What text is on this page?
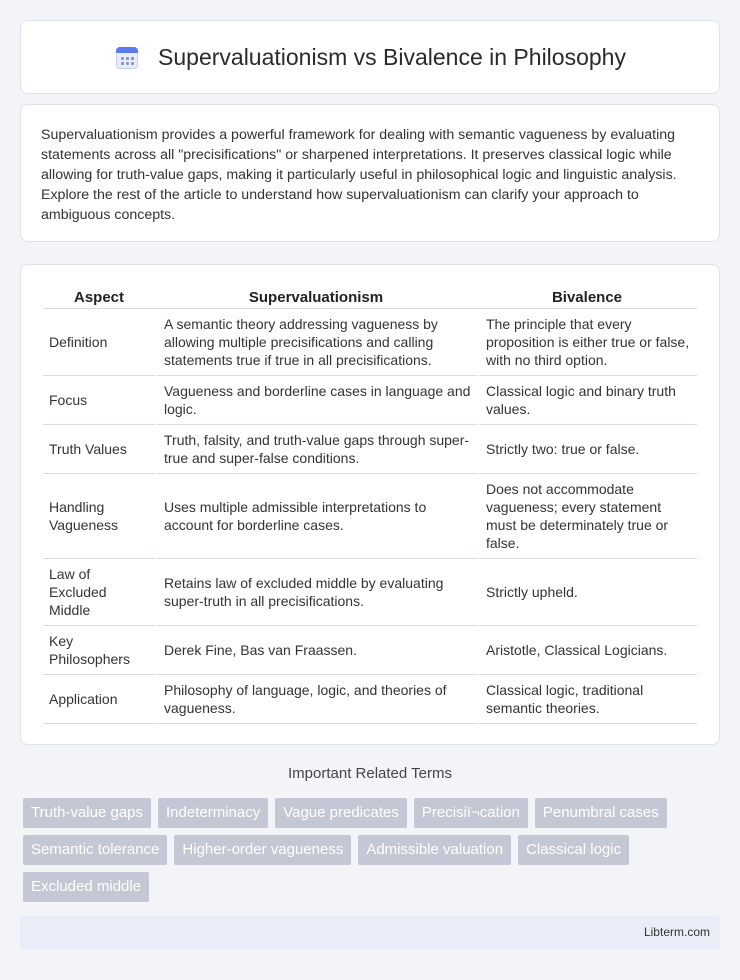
Supervaluationism vs Bivalence in Philosophy

Supervaluationism provides a powerful framework for dealing with semantic vagueness by evaluating statements across all "precisifications" or sharpened interpretations. It preserves classical logic while allowing for truth-value gaps, making it particularly useful in philosophical logic and linguistic analysis. Explore the rest of the article to understand how supervaluationism can clarify your approach to ambiguous concepts.

Aspect	Supervaluationism	Bivalence
Definition	A semantic theory addressing vagueness by allowing multiple precisifications and calling statements true if true in all precisifications.	The principle that every proposition is either true or false, with no third option.
Focus	Vagueness and borderline cases in language and logic.	Classical logic and binary truth values.
Truth Values	Truth, falsity, and truth-value gaps through super-true and super-false conditions.	Strictly two: true or false.
Handling Vagueness	Uses multiple admissible interpretations to account for borderline cases.	Does not accommodate vagueness; every statement must be determinately true or false.
Law of Excluded Middle	Retains law of excluded middle by evaluating super-truth in all precisifications.	Strictly upheld.
Key Philosophers	Derek Fine, Bas van Fraassen.	Aristotle, Classical Logicians.
Application	Philosophy of language, logic, and theories of vagueness.	Classical logic, traditional semantic theories.
Important Related Terms
Truth-value gaps	Indeterminacy	Vague predicates	Precisiï¬cation	Penumbral cases
Semantic tolerance	Higher-order vagueness	Admissible valuation	Classical logic
Excluded middle
Libterm.com
